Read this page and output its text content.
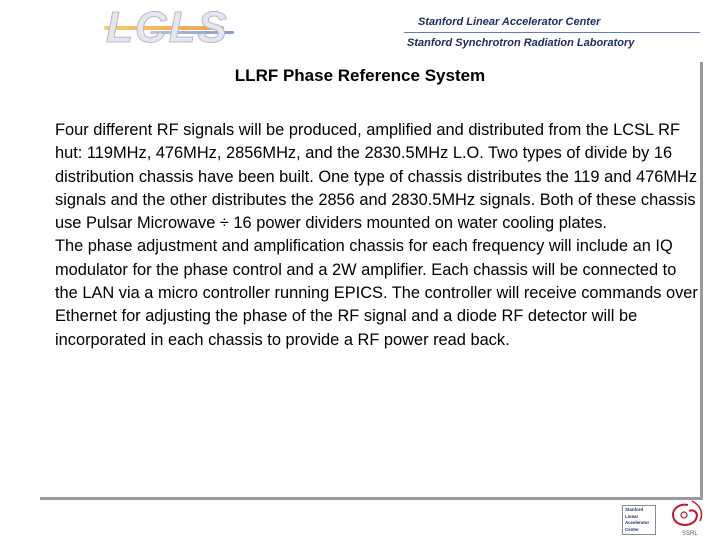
LCLS	Stanford Linear Accelerator Center
Stanford Synchrotron Radiation Laboratory
LLRF Phase Reference System

Four different RF signals will be produced, amplified and distributed from the LCSL RF hut: 119MHz, 476MHz, 2856MHz, and the 2830.5MHz L.O. Two types of divide by 16 distribution chassis have been built. One type of chassis distributes the 119 and 476MHz signals and the other distributes the 2856 and 2830.5MHz signals. Both of these chassis use Pulsar Microwave ÷ 16 power dividers mounted on water cooling plates.

The phase adjustment and amplification chassis for each frequency will include an IQ modulator for the phase control and a 2W amplifier. Each chassis will be connected to the LAN via a micro controller running EPICS. The controller will receive commands over Ethernet for adjusting the phase of the RF signal and a diode RF detector will be incorporated in each chassis to provide a RF power read back.

Stanford
Linear
Accelerator
Center
SSRL
